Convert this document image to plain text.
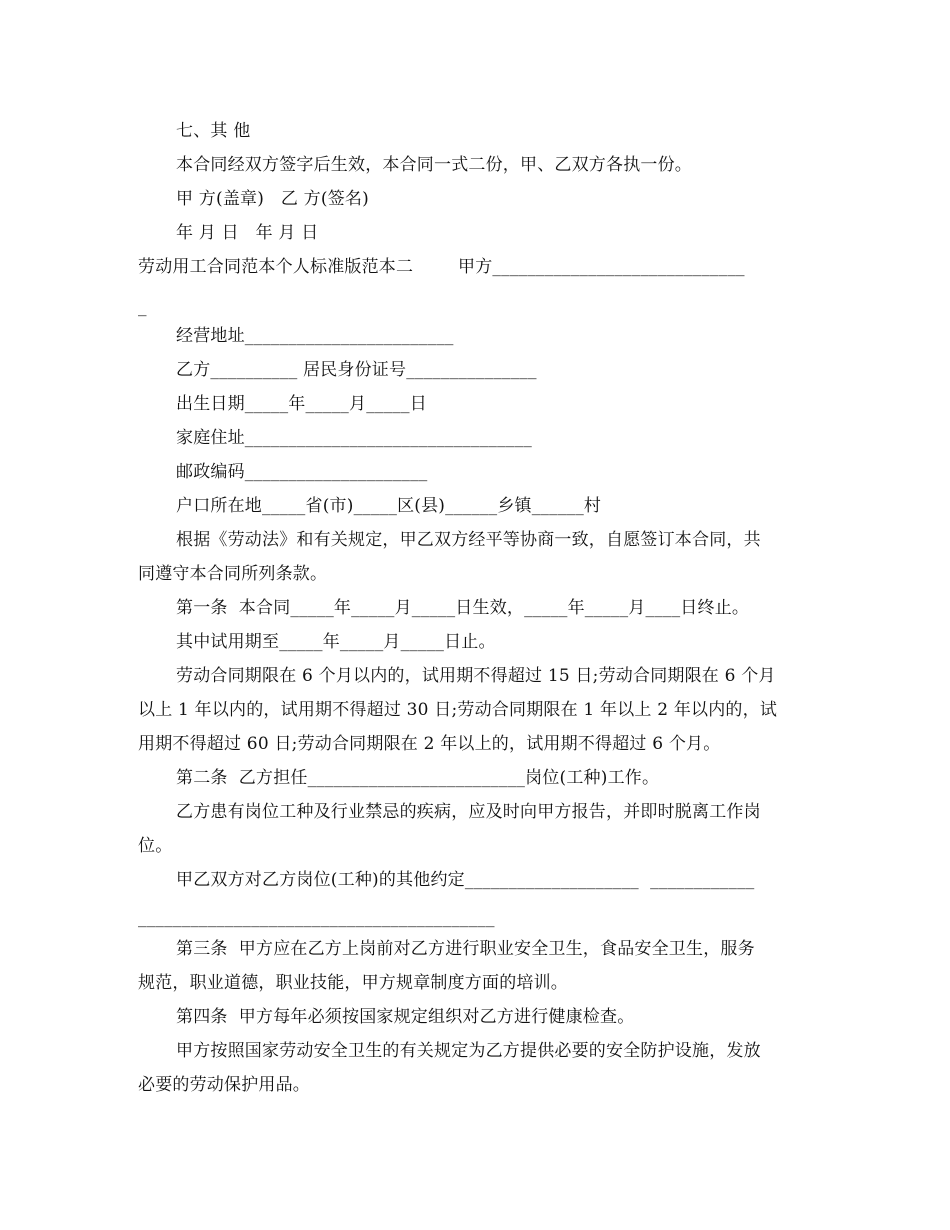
七、其 他
本合同经双方签字后生效，本合同一式二份，甲、乙双方各执一份。
甲 方(盖章)   乙 方(签名)
年 月 日   年 月 日
劳动用工合同范本个人标准版范本二        甲方_____________________________
_
经营地址________________________
乙方__________ 居民身份证号_______________
出生日期_____年_____月_____日
家庭住址_________________________________
邮政编码_____________________
户口所在地_____省(市)_____区(县)______乡镇______村
根据《劳动法》和有关规定，甲乙双方经平等协商一致，自愿签订本合同，共
同遵守本合同所列条款。
第一条  本合同_____年_____月_____日生效，_____年_____月____日终止。
其中试用期至_____年_____月_____日止。
劳动合同期限在 6 个月以内的，试用期不得超过 15 日;劳动合同期限在 6 个月
以上 1 年以内的，试用期不得超过 30 日;劳动合同期限在 1 年以上 2 年以内的，试
用期不得超过 60 日;劳动合同期限在 2 年以上的，试用期不得超过 6 个月。
第二条  乙方担任_________________________岗位(工种)工作。
乙方患有岗位工种及行业禁忌的疾病，应及时向甲方报告，并即时脱离工作岗
位。
甲乙双方对乙方岗位(工种)的其他约定____________________  ____________
_________________________________________
第三条  甲方应在乙方上岗前对乙方进行职业安全卫生，食品安全卫生，服务
规范，职业道德，职业技能，甲方规章制度方面的培训。
第四条  甲方每年必须按国家规定组织对乙方进行健康检查。
甲方按照国家劳动安全卫生的有关规定为乙方提供必要的安全防护设施，发放
必要的劳动保护用品。
